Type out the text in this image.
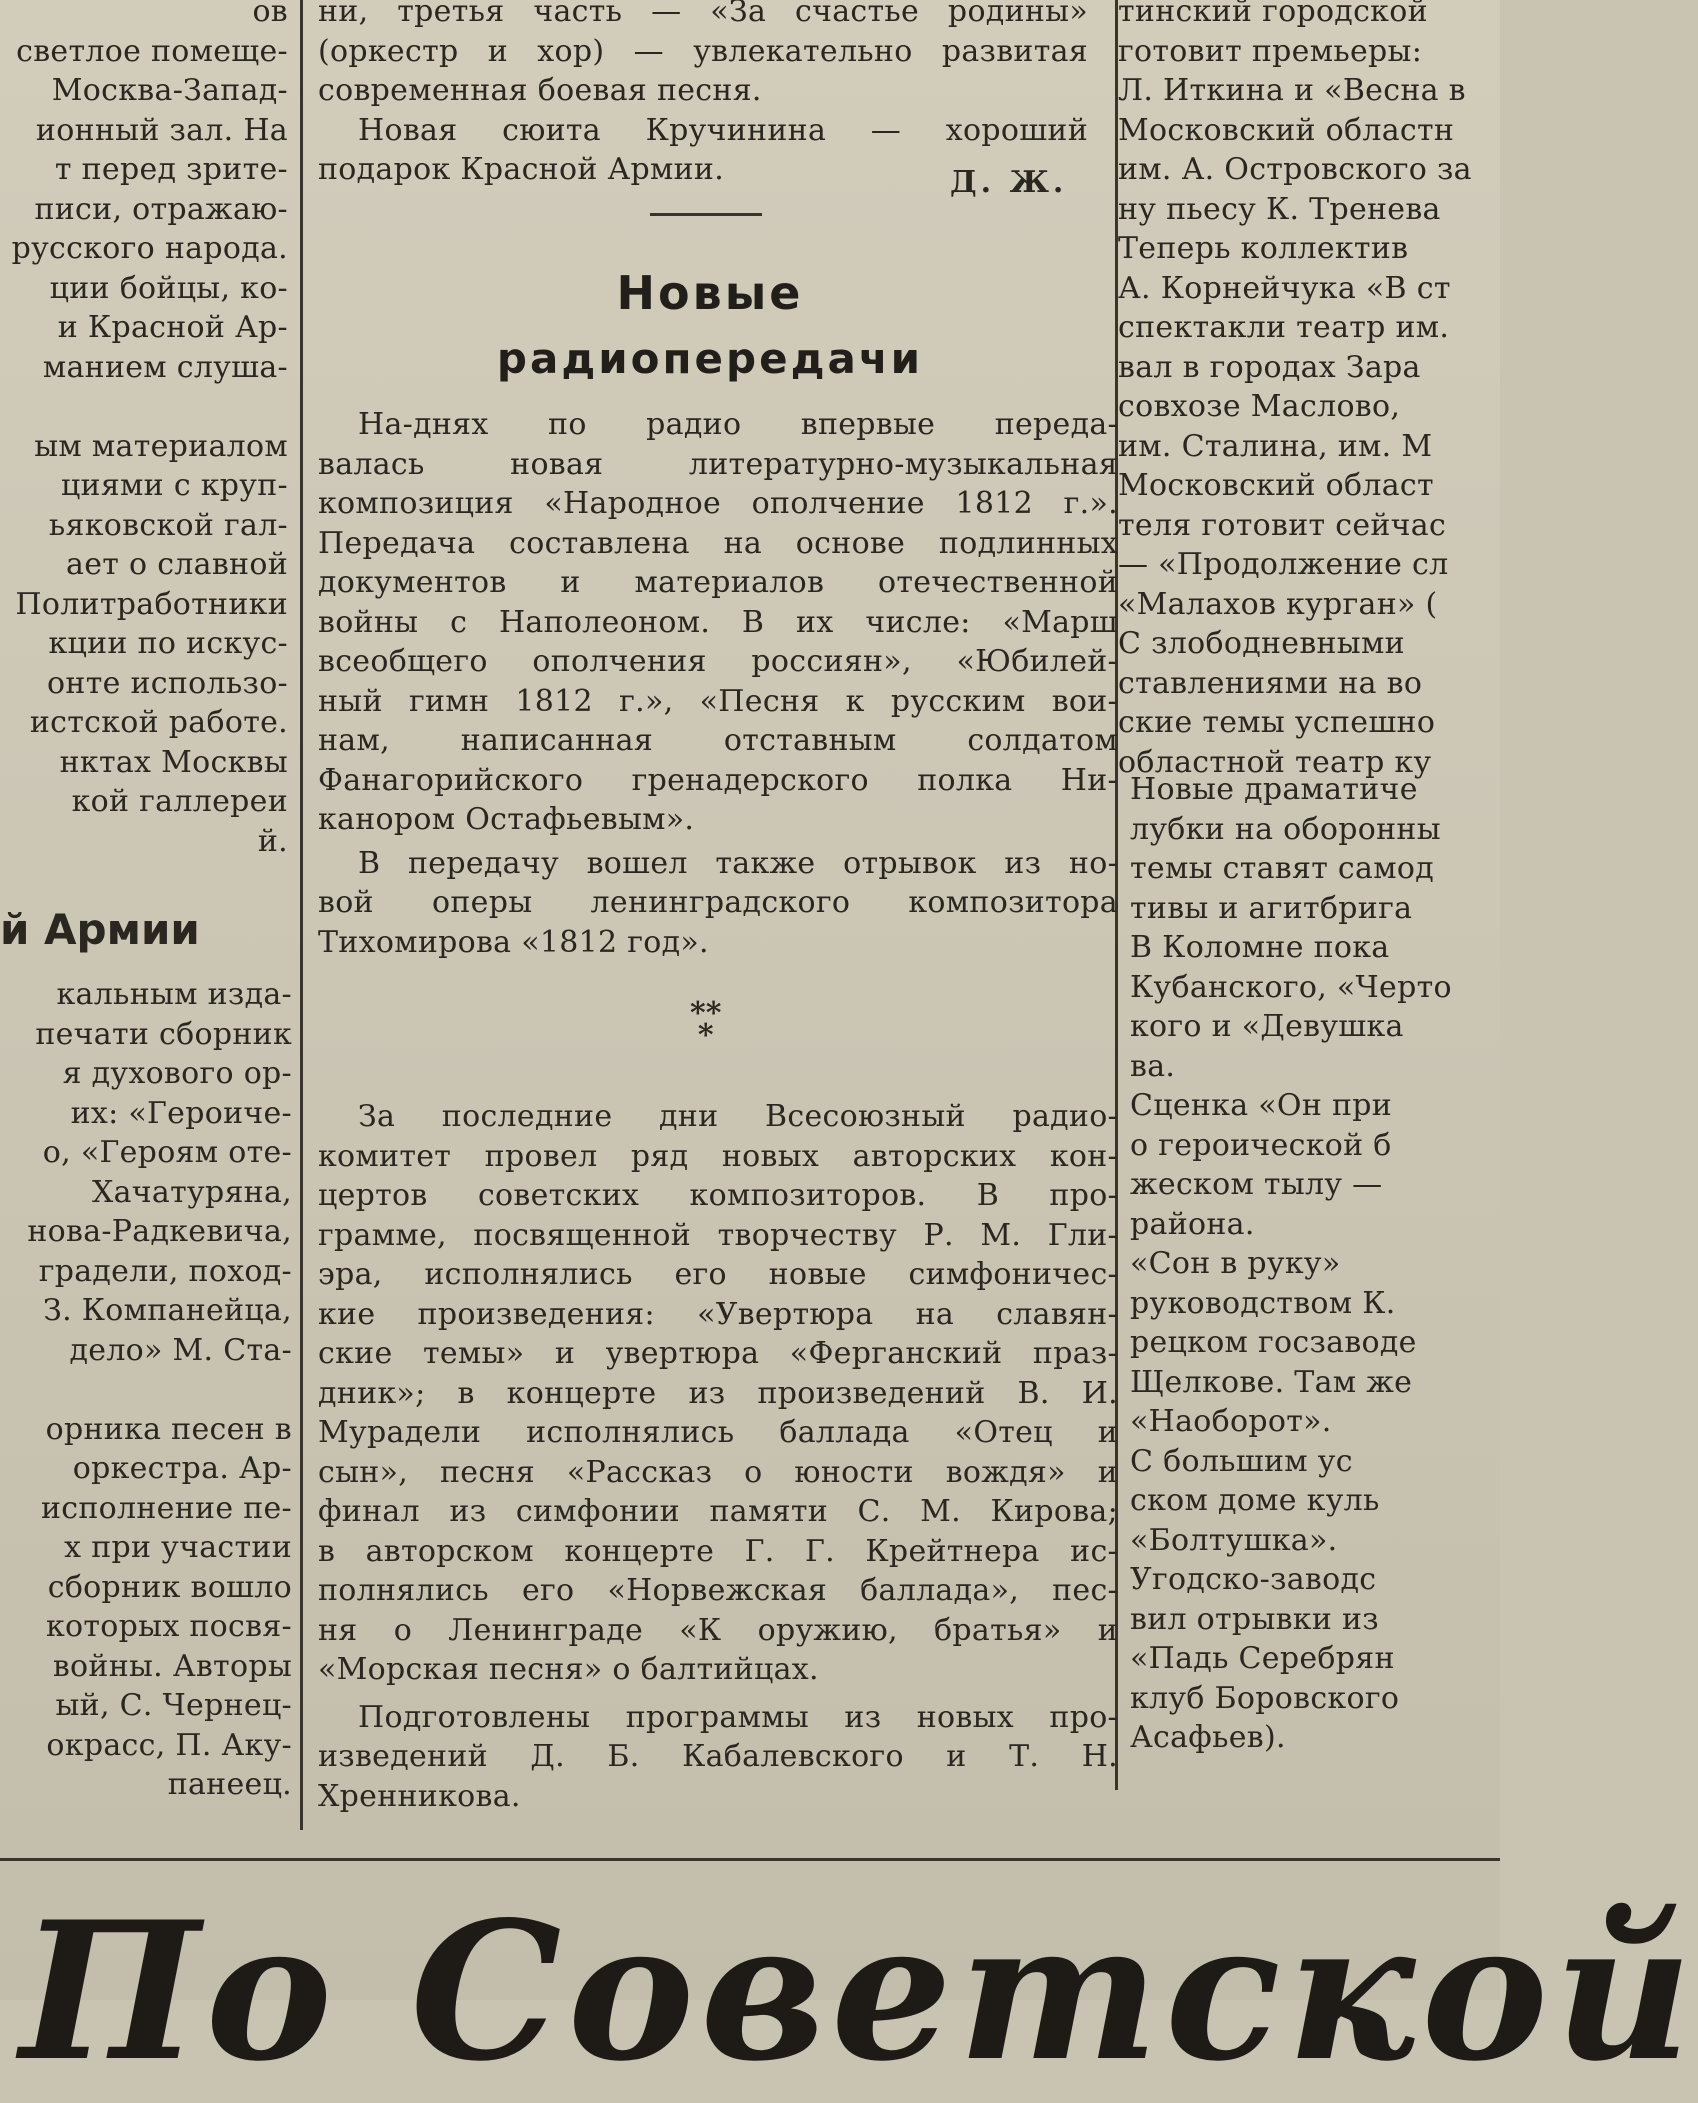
ов

светлое помеще-

Москва-Запад-

ионный зал. На

т перед зрите-

писи, отражаю-

русского народа.

ции бойцы, ко-

и Красной Ар-

манием слуша-

ым материалом

циями с круп-

ьяковской гал-

ает о славной

Политработники

кции по искус-

онте использо-

истской работе.

нктах Москвы

кой галлереи

й.

й Армии

кальным изда-

печати сборник

я духового ор-

их: «Героиче-

о, «Героям оте-

Хачатуряна,

нова-Радкевича,

градели, поход-

З. Компанейца,

дело» М. Ста-

орника песен в

оркестра. Ар-

исполнение пе-

х при участии

сборник вошло

которых посвя-

войны. Авторы

ый, С. Чернец-

окрасс, П. Аку-

панеец.

ни, третья часть — «За счастье родины»

(оркестр и хор) — увлекательно развитая

современная боевая песня.

Новая сюита Кручинина — хороший

подарок Красной Армии.	Д. Ж.
Новые
радиопередачи

На-днях по радио впервые переда-

валась новая литературно-музыкальная

композиция «Народное ополчение 1812 г.».

Передача составлена на основе подлинных

документов и материалов отечественной

войны с Наполеоном. В их числе: «Марш

всеобщего ополчения россиян», «Юбилей-

ный гимн 1812 г.», «Песня к русским вои-

нам, написанная отставным солдатом

Фанагорийского гренадерского полка Ни-

канором Остафьевым».

В передачу вошел также отрывок из но-

вой оперы ленинградского композитора

Тихомирова «1812 год».

За последние дни Всесоюзный радио-

комитет провел ряд новых авторских кон-

цертов советских композиторов. В про-

грамме, посвященной творчеству Р. М. Гли-

эра, исполнялись его новые симфоничес-

кие произведения: «Увертюра на славян-

ские темы» и увертюра «Ферганский праз-

дник»; в концерте из произведений В. И.

Мурадели исполнялись баллада «Отец и

сын», песня «Рассказ о юности вождя» и

финал из симфонии памяти С. М. Кирова;

в авторском концерте Г. Г. Крейтнера ис-

полнялись его «Норвежская баллада», пес-

ня о Ленинграде «К оружию, братья» и

«Морская песня» о балтийцах.

Подготовлены программы из новых про-

изведений Д. Б. Кабалевского и Т. Н.

Хренникова.

**
*

тинский городской

готовит премьеры:

Л. Иткина и «Весна в

Московский областн

им. А. Островского за

ну пьесу К. Тренева

Теперь коллектив

А. Корнейчука «В ст

спектакли театр им.

вал в городах Зара

совхозе Маслово,

им. Сталина, им. М

Московский област

теля готовит сейчас

— «Продолжение сл

«Малахов курган» (

С злободневными

ставлениями на во

ские темы успешно

областной театр ку

Новые драматиче

лубки на оборонны

темы ставят самод

тивы и агитбрига

В Коломне пока

Кубанского, «Черто

кого и «Девушка

ва.

Сценка «Он при

о героической б

жеском тылу —

района.

«Сон в руку»

руководством К.

рецком госзаводе

Щелкове. Там же

«Наоборот».

С большим ус

ском доме куль

«Болтушка».

Угодско-заводс

вил отрывки из

«Падь Серебрян

клуб Боровского

Асафьев).

По Советской
